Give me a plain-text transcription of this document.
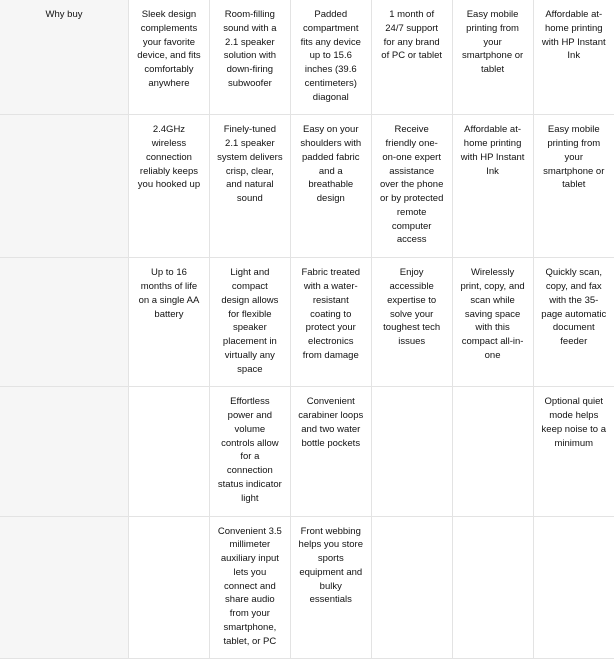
Why buy	Sleek design complements your favorite device, and fits comfortably anywhere	Room-filling sound with a 2.1 speaker solution with down-firing subwoofer	Padded compartment fits any device up to 15.6 inches (39.6 centimeters) diagonal	1 month of 24/7 support for any brand of PC or tablet	Easy mobile printing from your smartphone or tablet	Affordable at-home printing with HP Instant Ink
	2.4GHz wireless connection reliably keeps you hooked up	Finely-tuned 2.1 speaker system delivers crisp, clear, and natural sound	Easy on your shoulders with padded fabric and a breathable design	Receive friendly one-on-one expert assistance over the phone or by protected remote computer access	Affordable at-home printing with HP Instant Ink	Easy mobile printing from your smartphone or tablet
	Up to 16 months of life on a single AA battery	Light and compact design allows for flexible speaker placement in virtually any space	Fabric treated with a water-resistant coating to protect your electronics from damage	Enjoy accessible expertise to solve your toughest tech issues	Wirelessly print, copy, and scan while saving space with this compact all-in-one	Quickly scan, copy, and fax with the 35-page automatic document feeder
		Effortless power and volume controls allow for a connection status indicator light	Convenient carabiner loops and two water bottle pockets			Optional quiet mode helps keep noise to a minimum
		Convenient 3.5 millimeter auxiliary input lets you connect and share audio from your smartphone, tablet, or PC	Front webbing helps you store sports equipment and bulky essentials			
